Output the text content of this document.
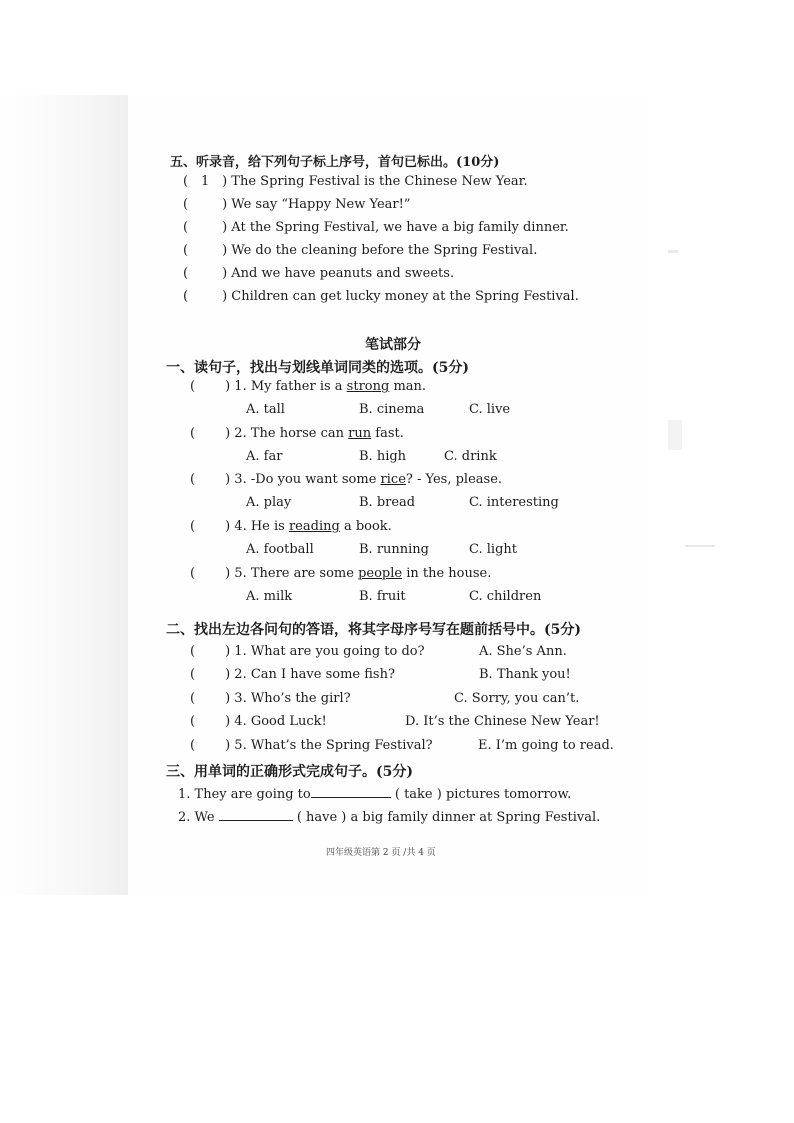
五、听录音，给下列句子标上序号，首句已标出。(10分)
( 1 ) The Spring Festival is the Chinese New Year.
(	) We say “Happy New Year!”
(	) At the Spring Festival, we have a big family dinner.
(	) We do the cleaning before the Spring Festival.
(	) And we have peanuts and sweets.
(	) Children can get lucky money at the Spring Festival.
笔试部分
一、读句子，找出与划线单词同类的选项。(5分)
( ) 1. My father is a strong man.
A. tall	B. cinema	C. live
( ) 2. The horse can run fast.
A. far	B. high	C. drink
( ) 3. -Do you want some rice? - Yes, please.
A. play	B. bread	C. interesting
( ) 4. He is reading a book.
A. football	B. running	C. light
( ) 5. There are some people in the house.
A. milk	B. fruit	C. children
二、找出左边各问句的答语，将其字母序号写在题前括号中。(5分)
( ) 1. What are you going to do?	A. She’s Ann.
( ) 2. Can I have some fish?	B. Thank you!
( ) 3. Who’s the girl?	C. Sorry, you can’t.
( ) 4. Good Luck!	D. It’s the Chinese New Year!
( ) 5. What’s the Spring Festival?	E. I’m going to read.
三、用单词的正确形式完成句子。(5分)
1. They are going to	( take ) pictures tomorrow.
2. We	( have ) a big family dinner at Spring Festival.
四年级英语第 2 页 /共 4 页
